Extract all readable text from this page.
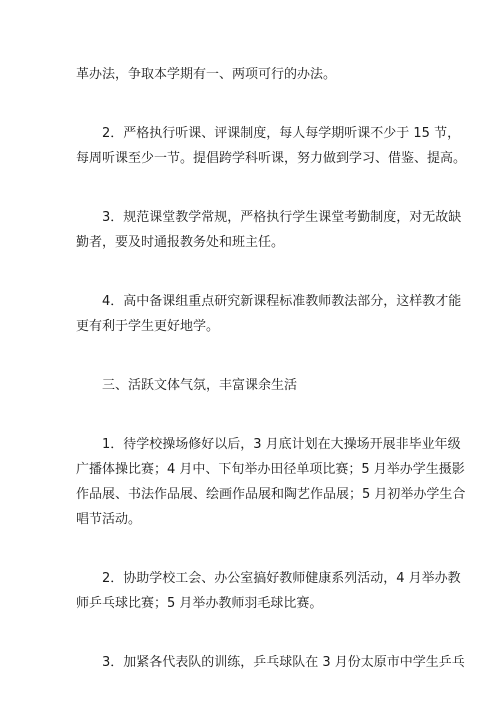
革办法，争取本学期有一、两项可行的办法。

2．严格执行听课、评课制度，每人每学期听课不少于 15 节，
每周听课至少一节。提倡跨学科听课，努力做到学习、借鉴、提高。

3．规范课堂教学常规，严格执行学生课堂考勤制度，对无故缺
勤者，要及时通报教务处和班主任。

4．高中备课组重点研究新课程标准教师教法部分，这样教才能
更有利于学生更好地学。

三、活跃文体气氛，丰富课余生活

1．待学校操场修好以后，3 月底计划在大操场开展非毕业年级
广播体操比赛；4 月中、下旬举办田径单项比赛；5 月举办学生摄影
作品展、书法作品展、绘画作品展和陶艺作品展；5 月初举办学生合
唱节活动。

2．协助学校工会、办公室搞好教师健康系列活动，4 月举办教
师乒乓球比赛；5 月举办教师羽毛球比赛。

3．加紧各代表队的训练，乒乓球队在 3 月份太原市中学生乒乓
